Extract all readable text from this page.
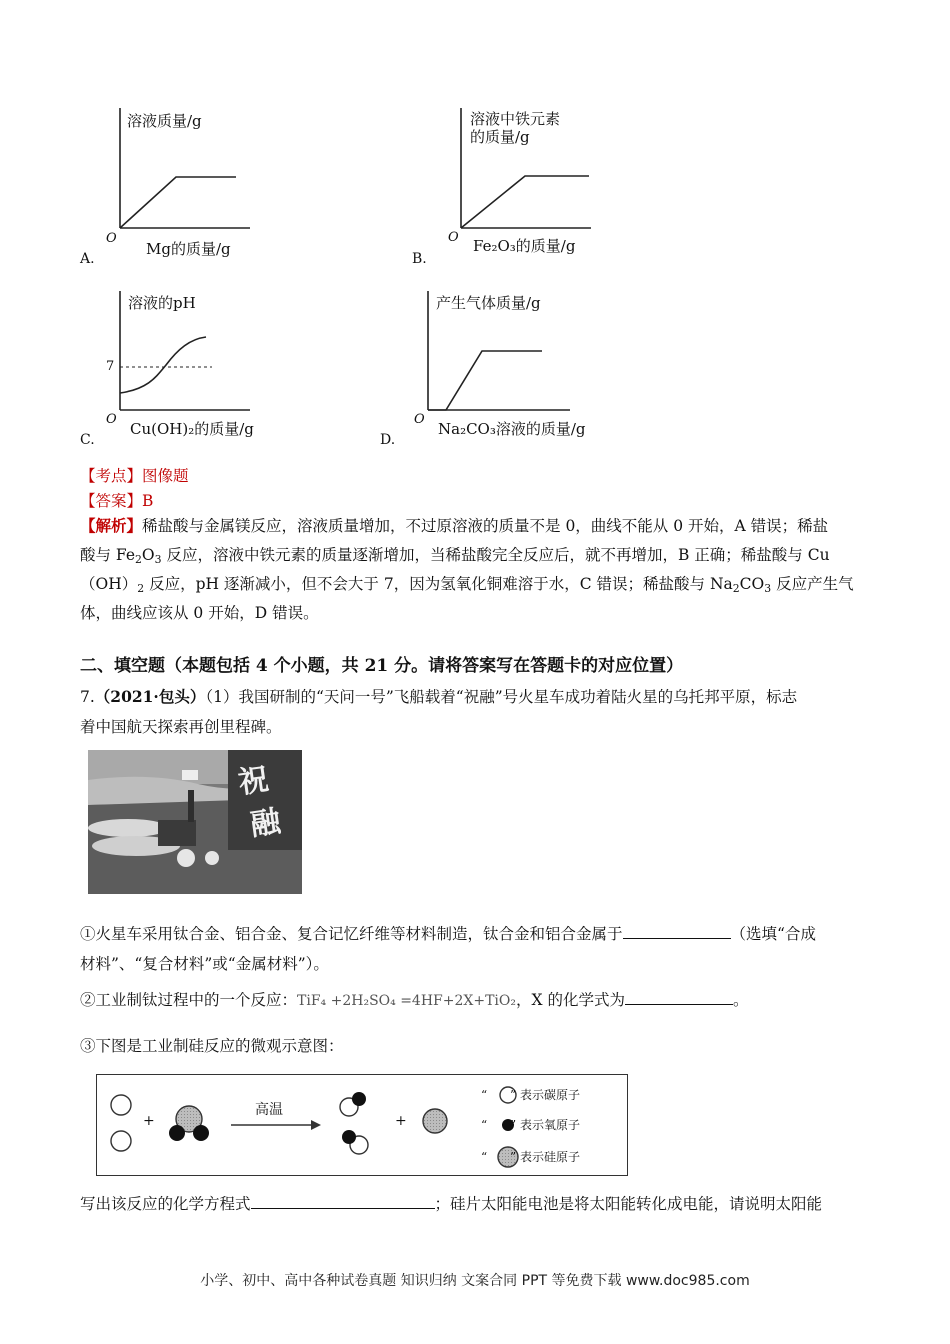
溶液质量/g
O
Mg的质量/g
A.
溶液中铁元素
的质量/g
O Fe₂O₃的质量/g
B.
溶液的pH
7
O
Cu(OH)₂的质量/g
C.
产生气体质量/g
O
Na₂CO₃溶液的质量/g
D.
【考点】图像题
【答案】B
【解析】稀盐酸与金属镁反应，溶液质量增加，不过原溶液的质量不是 0，曲线不能从 0 开始，A 错误；稀盐
酸与 $Fe_2O_3$ 反应，溶液中铁元素的质量逐渐增加，当稀盐酸完全反应后，就不再增加，B 正确；稀盐酸与 Cu
$(OH)_2$ 反应，pH 逐渐减小，但不会大于 7，因为氢氧化铜难溶于水，C 错误；稀盐酸与 $Na_2CO_3$ 反应产生气
体，曲线应该从 0 开始，D 错误。
二、填空题（本题包括 4 个小题，共 21 分。请将答案写在答题卡的对应位置）
7.（2021·包头）（1）我国研制的“天问一号”飞船载着“祝融”号火星车成功着陆火星的乌托邦平原，标志
着中国航天探索再创里程碑。
祝
融
①火星车采用钛合金、铝合金、复合记忆纤维等材料制造，钛合金和铝合金属于	（选填“合成
材料”、“复合材料”或“金属材料”）。
②工业制钛过程中的一个反应：TiF₄ +2H₂SO₄ =4HF+2X+TiO₂，X 的化学式为	。
③下图是工业制硅反应的微观示意图：
+
高温
+
“      ” 表示碳原子
“      ” 表示氧原子
“      ” 表示硅原子
写出该反应的化学方程式	；硅片太阳能电池是将太阳能转化成电能，请说明太阳能
小学、初中、高中各种试卷真题 知识归纳 文案合同 PPT 等免费下载 www.doc985.com
